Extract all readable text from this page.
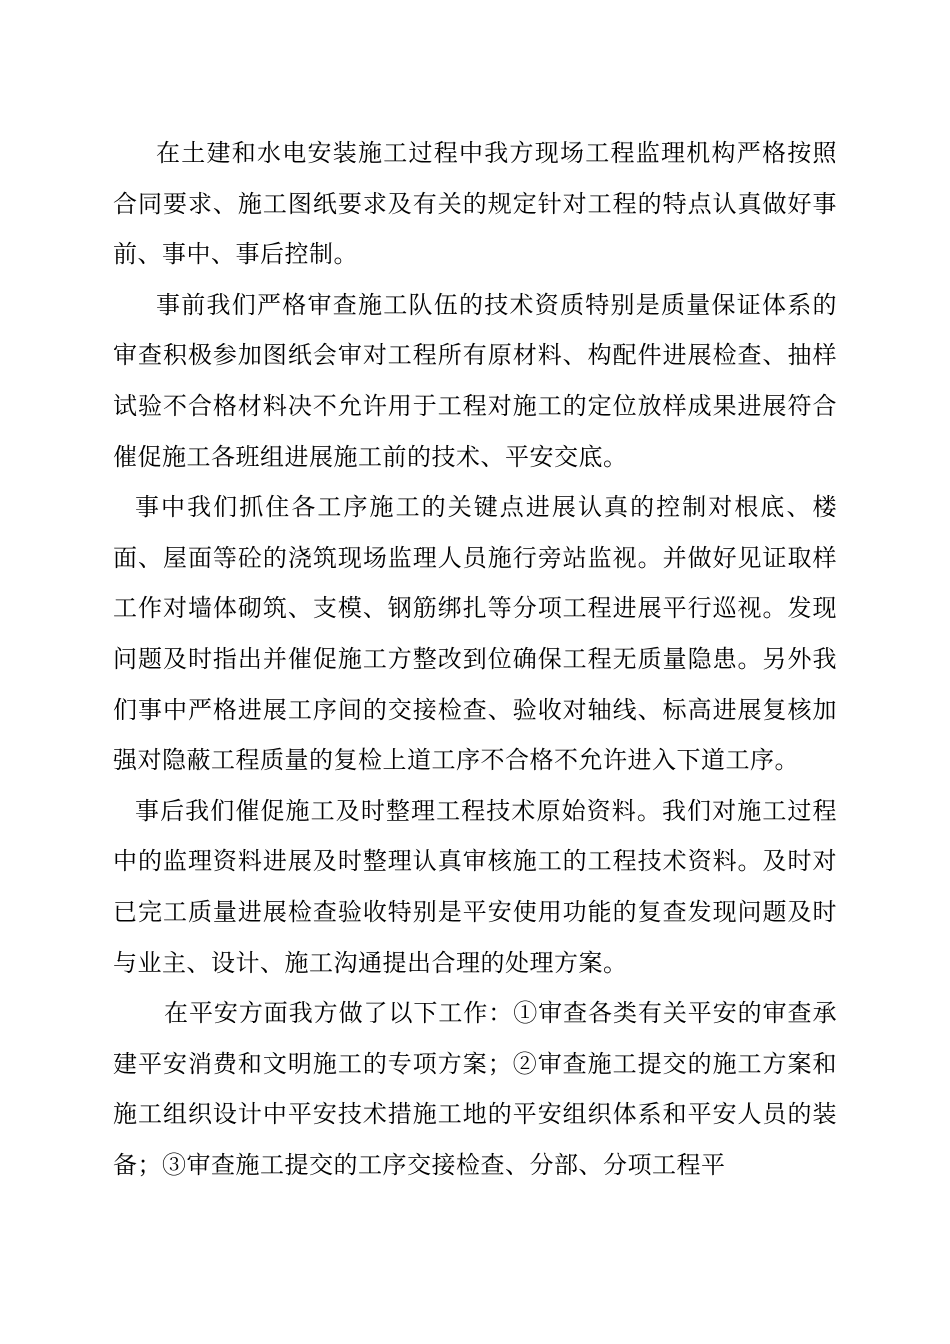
在土建和水电安装施工过程中我方现场工程监理机构严格按照合同要求、施工图纸要求及有关的规定针对工程的特点认真做好事前、事中、事后控制。

事前我们严格审查施工队伍的技术资质特别是质量保证体系的审查积极参加图纸会审对工程所有原材料、构配件进展检查、抽样试验不合格材料决不允许用于工程对施工的定位放样成果进展符合催促施工各班组进展施工前的技术、平安交底。

事中我们抓住各工序施工的关键点进展认真的控制对根底、楼面、屋面等砼的浇筑现场监理人员施行旁站监视。并做好见证取样工作对墙体砌筑、支模、钢筋绑扎等分项工程进展平行巡视。发现问题及时指出并催促施工方整改到位确保工程无质量隐患。另外我们事中严格进展工序间的交接检查、验收对轴线、标高进展复核加强对隐蔽工程质量的复检上道工序不合格不允许进入下道工序。

事后我们催促施工及时整理工程技术原始资料。我们对施工过程中的监理资料进展及时整理认真审核施工的工程技术资料。及时对已完工质量进展检查验收特别是平安使用功能的复查发现问题及时与业主、设计、施工沟通提出合理的处理方案。

在平安方面我方做了以下工作：①审查各类有关平安的审查承建平安消费和文明施工的专项方案；②审查施工提交的施工方案和施工组织设计中平安技术措施工地的平安组织体系和平安人员的装备；③审查施工提交的工序交接检查、分部、分项工程平
